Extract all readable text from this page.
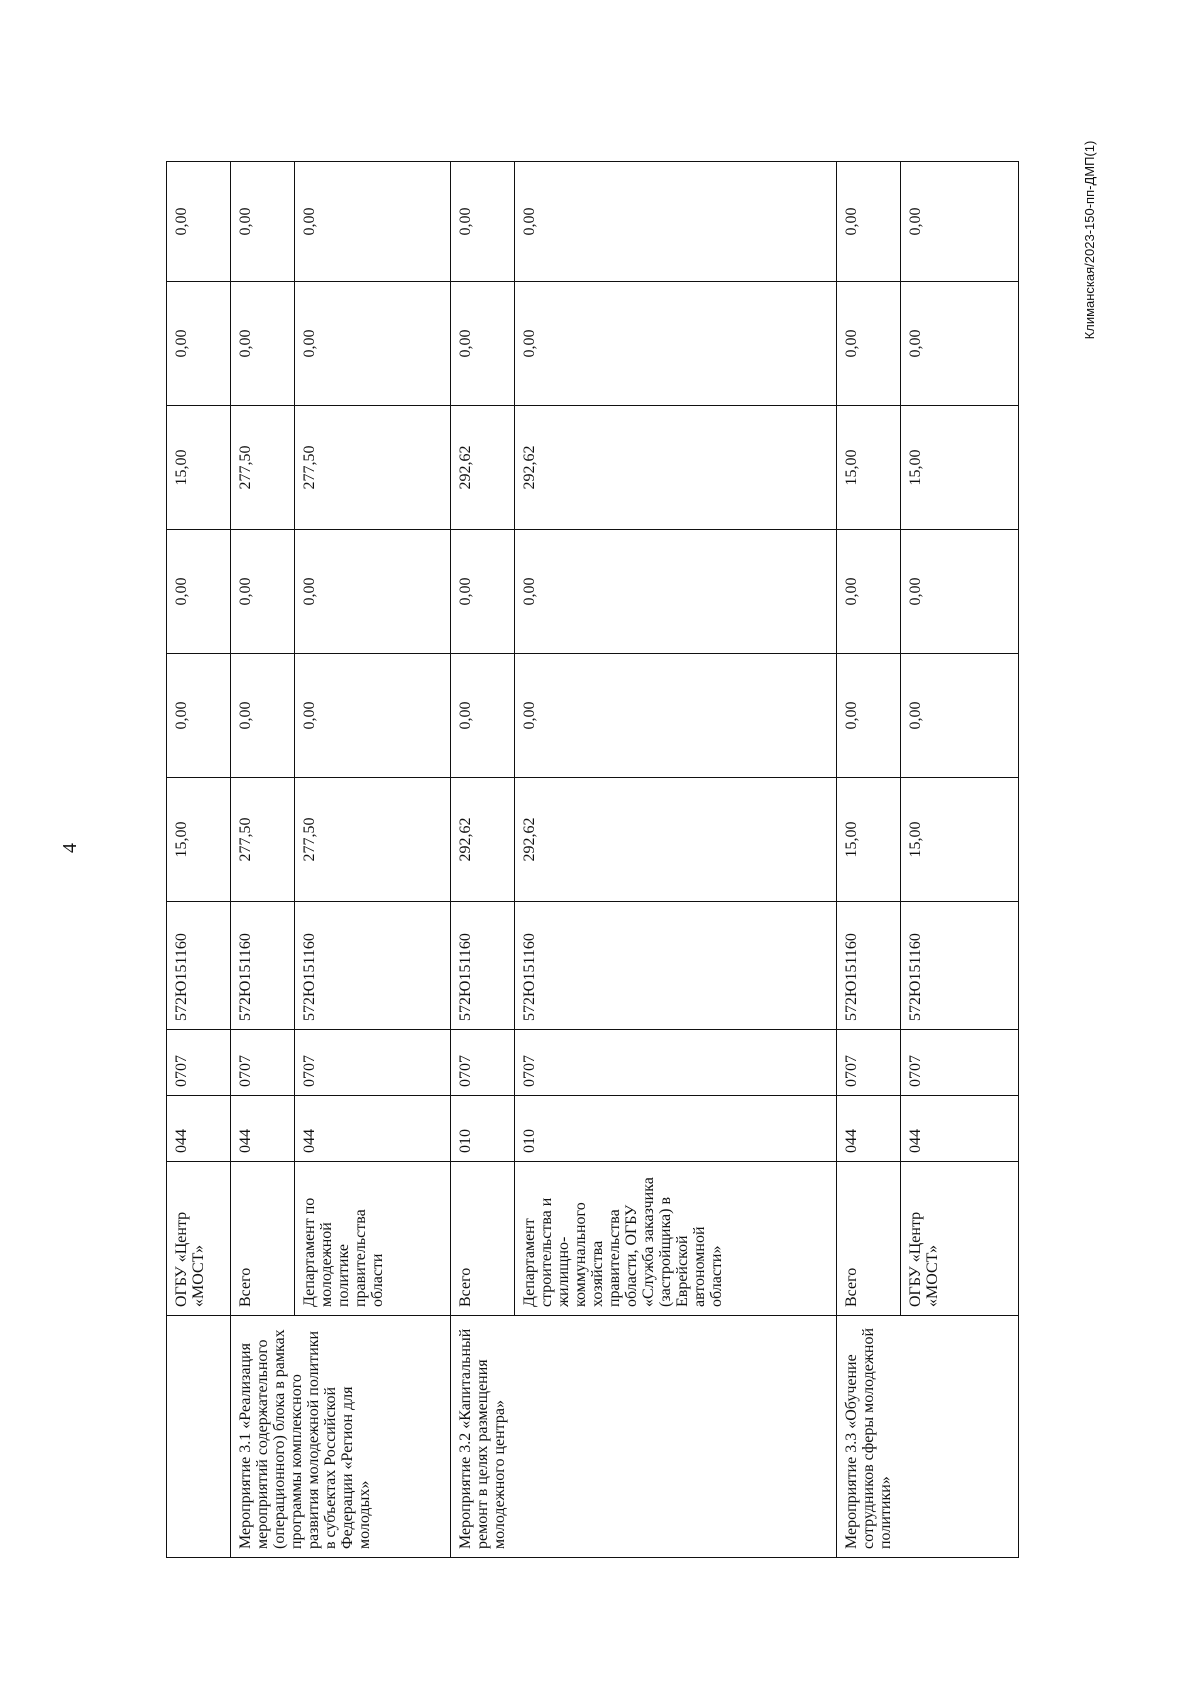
4
Климанская/2023-150-пп-ДМП(1)
	ОГБУ «Центр «МОСТ»	044	0707	572Ю151160	15,00	0,00	0,00	15,00	0,00	0,00
Мероприятие 3.1 «Реализация мероприятий содержательного (операционного) блока в рамках программы комплексного развития молодежной политики в субъектах Российской Федерации «Регион для молодых»	Всего	044	0707	572Ю151160	277,50	0,00	0,00	277,50	0,00	0,00
	Департамент по молодежной политике правительства области	044	0707	572Ю151160	277,50	0,00	0,00	277,50	0,00	0,00
Мероприятие 3.2 «Капитальный ремонт в целях размещения молодежного центра»	Всего	010	0707	572Ю151160	292,62	0,00	0,00	292,62	0,00	0,00
	Департамент строительства и жилищно-коммунального хозяйства правительства области, ОГБУ «Служба заказчика (застройщика) в Еврейской автономной области»	010	0707	572Ю151160	292,62	0,00	0,00	292,62	0,00	0,00
Мероприятие 3.3 «Обучение сотрудников сферы молодежной политики»	Всего	044	0707	572Ю151160	15,00	0,00	0,00	15,00	0,00	0,00
	ОГБУ «Центр «МОСТ»	044	0707	572Ю151160	15,00	0,00	0,00	15,00	0,00	0,00
